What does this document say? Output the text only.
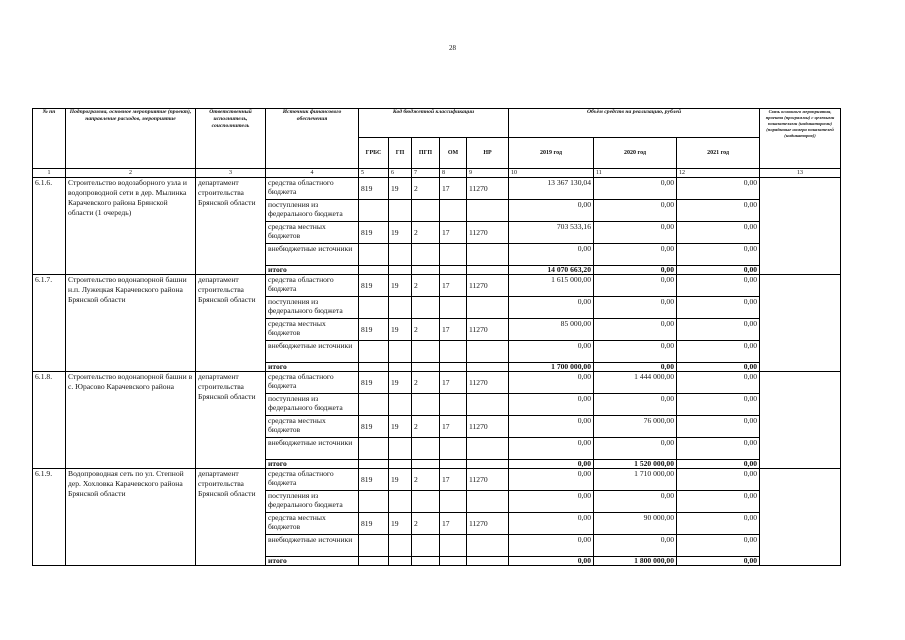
28
№ пп	Подпрограмма, основное мероприятие (проект), направление расходов, мероприятие	Ответственный исполнитель, соисполнитель	Источник финансового обеспечения	Код бюджетной классификации					Объём средств на реализацию, рублей			Связь основного мероприятия, проекта (программы) с целевыми показателями (индикаторами) (порядковые номера показателей (индикаторов))
				ГРБС	ГП	ПГП	ОМ	НР	2019 год	2020 год	2021 год	
1	2	3	4	5	6	7	8	9	10	11	12	13
6.1.6.	Строительство водозаборного узла и водопроводной сети в дер. Мылинка Карачевского района Брянской области (1 очередь)	департамент строительства Брянской области	средства областного бюджета	819	19	2	17	11270	13 367 130,04	0,00	0,00	
			поступления из федерального бюджета						0,00	0,00	0,00	
			средства местных бюджетов	819	19	2	17	11270	703 533,16	0,00	0,00	
			внебюджетные источники						0,00	0,00	0,00	
			итого						14 070 663,20	0,00	0,00	
6.1.7.	Строительство водонапорной башни н.п. Лужецкая Карачевского района Брянской области	департамент строительства Брянской области	средства областного бюджета	819	19	2	17	11270	1 615 000,00	0,00	0,00	
			поступления из федерального бюджета						0,00	0,00	0,00	
			средства местных бюджетов	819	19	2	17	11270	85 000,00	0,00	0,00	
			внебюджетные источники						0,00	0,00	0,00	
			итого						1 700 000,00	0,00	0,00	
6.1.8.	Строительство водонапорной башни в с. Юрасово Карачевского района	департамент строительства Брянской области	средства областного бюджета	819	19	2	17	11270	0,00	1 444 000,00	0,00	
			поступления из федерального бюджета						0,00	0,00	0,00	
			средства местных бюджетов	819	19	2	17	11270	0,00	76 000,00	0,00	
			внебюджетные источники						0,00	0,00	0,00	
			итого						0,00	1 520 000,00	0,00	
6.1.9.	Водопроводная сеть по ул. Степной дер. Хохловка Карачевского района Брянской области	департамент строительства Брянской области	средства областного бюджета	819	19	2	17	11270	0,00	1 710 000,00	0,00	
			поступления из федерального бюджета						0,00	0,00	0,00	
			средства местных бюджетов	819	19	2	17	11270	0,00	90 000,00	0,00	
			внебюджетные источники						0,00	0,00	0,00	
			итого						0,00	1 800 000,00	0,00	
